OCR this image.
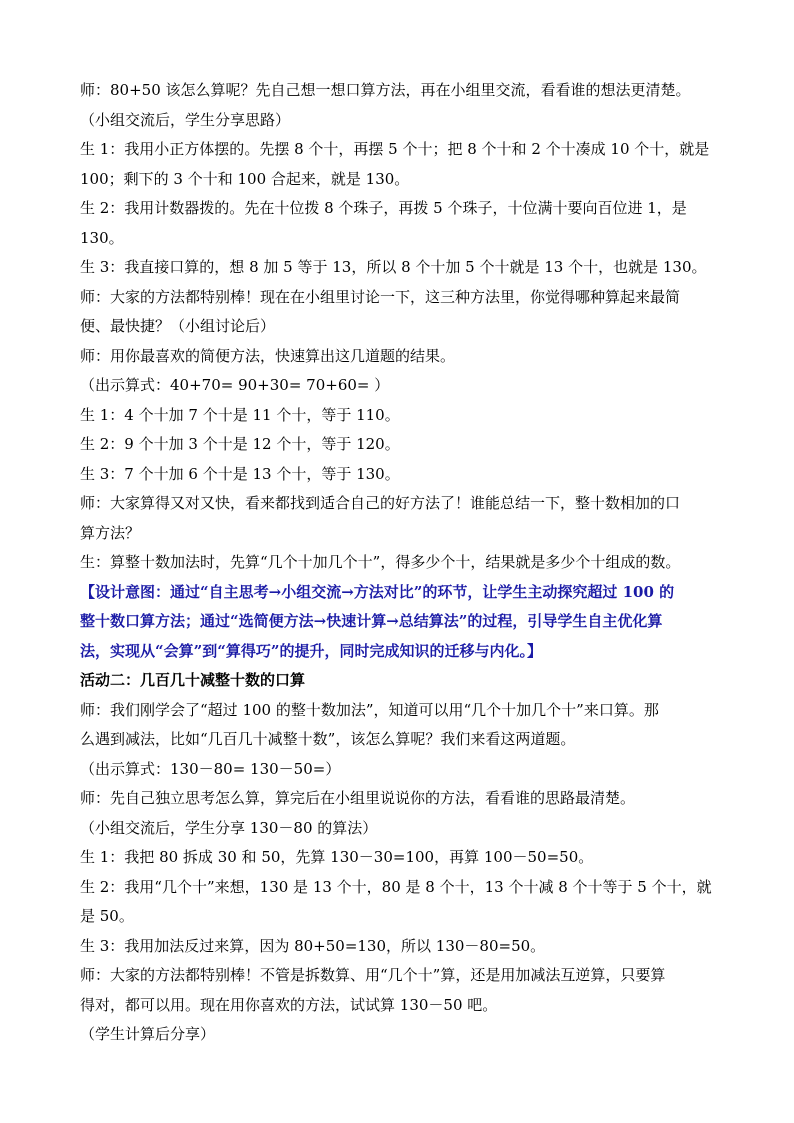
师：80+50 该怎么算呢？先自己想一想口算方法，再在小组里交流，看看谁的想法更清楚。
（小组交流后，学生分享思路）
生 1：我用小正方体摆的。先摆 8 个十，再摆 5 个十；把 8 个十和 2 个十凑成 10 个十，就是
100；剩下的 3 个十和 100 合起来，就是 130。
生 2：我用计数器拨的。先在十位拨 8 个珠子，再拨 5 个珠子，十位满十要向百位进 1，是
130。
生 3：我直接口算的，想 8 加 5 等于 13，所以 8 个十加 5 个十就是 13 个十，也就是 130。
师：大家的方法都特别棒！现在在小组里讨论一下，这三种方法里，你觉得哪种算起来最简
便、最快捷？（小组讨论后）
师：用你最喜欢的简便方法，快速算出这几道题的结果。
（出示算式：40+70= 90+30= 70+60= ）
生 1：4 个十加 7 个十是 11 个十，等于 110。
生 2：9 个十加 3 个十是 12 个十，等于 120。
生 3：7 个十加 6 个十是 13 个十，等于 130。
师：大家算得又对又快，看来都找到适合自己的好方法了！谁能总结一下，整十数相加的口
算方法？
生：算整十数加法时，先算“几个十加几个十”，得多少个十，结果就是多少个十组成的数。
【设计意图：通过“自主思考→小组交流→方法对比”的环节，让学生主动探究超过 100 的
整十数口算方法；通过“选简便方法→快速计算→总结算法”的过程，引导学生自主优化算
法，实现从“会算”到“算得巧”的提升，同时完成知识的迁移与内化。】
活动二：几百几十减整十数的口算
师：我们刚学会了“超过 100 的整十数加法”，知道可以用“几个十加几个十”来口算。那
么遇到减法，比如“几百几十减整十数”，该怎么算呢？我们来看这两道题。
（出示算式：130－80= 130－50=）
师：先自己独立思考怎么算，算完后在小组里说说你的方法，看看谁的思路最清楚。
（小组交流后，学生分享 130－80 的算法）
生 1：我把 80 拆成 30 和 50，先算 130－30=100，再算 100－50=50。
生 2：我用“几个十”来想，130 是 13 个十，80 是 8 个十，13 个十减 8 个十等于 5 个十，就
是 50。
生 3：我用加法反过来算，因为 80+50=130，所以 130－80=50。
师：大家的方法都特别棒！不管是拆数算、用“几个十”算，还是用加减法互逆算，只要算
得对，都可以用。现在用你喜欢的方法，试试算 130－50 吧。
（学生计算后分享）
